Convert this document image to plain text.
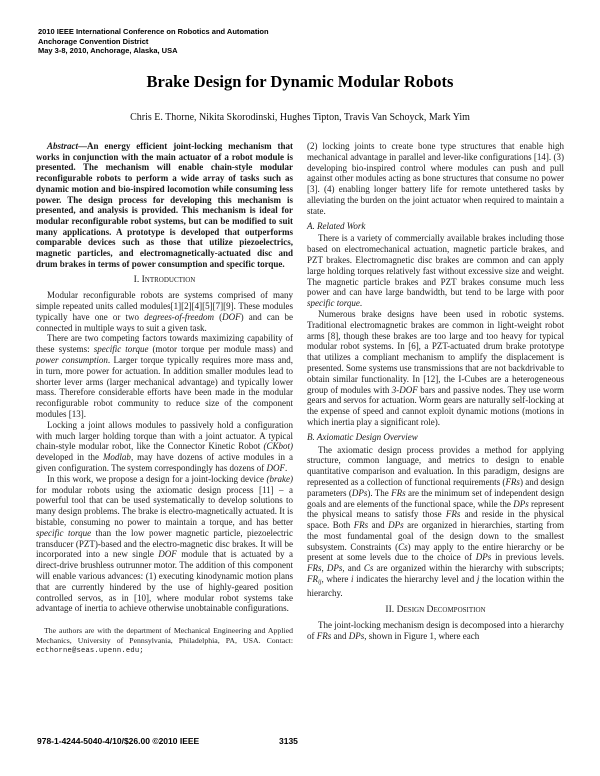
2010 IEEE International Conference on Robotics and Automation
Anchorage Convention District
May 3-8, 2010, Anchorage, Alaska, USA
Brake Design for Dynamic Modular Robots
Chris E. Thorne, Nikita Skorodinski, Hughes Tipton, Travis Van Schoyck, Mark Yim
Abstract—An energy efficient joint-locking mechanism that works in conjunction with the main actuator of a robot module is presented. The mechanism will enable chain-style modular reconfigurable robots to perform a wide array of tasks such as dynamic motion and bio-inspired locomotion while consuming less power. The design process for developing this mechanism is presented, and analysis is provided. This mechanism is ideal for modular reconfigurable robot systems, but can be modified to suit many applications. A prototype is developed that outperforms comparable devices such as those that utilize piezoelectrics, magnetic particles, and electromagnetically-actuated disc and drum brakes in terms of power consumption and specific torque.
I. Introduction
Modular reconfigurable robots are systems comprised of many simple repeated units called modules[1][2][4][5][7][9]. These modules typically have one or two degrees-of-freedom (DOF) and can be connected in multiple ways to suit a given task.
There are two competing factors towards maximizing capability of these systems: specific torque (motor torque per module mass) and power consumption. Larger torque typically requires more mass and, in turn, more power for actuation. In addition smaller modules lead to shorter lever arms (larger mechanical advantage) and typically lower mass. Therefore considerable efforts have been made in the modular reconfigurable robot community to reduce size of the component modules [13].
Locking a joint allows modules to passively hold a configuration with much larger holding torque than with a joint actuator. A typical chain-style modular robot, like the Connector Kinetic Robot (CKbot) developed in the Modlab, may have dozens of active modules in a given configuration. The system correspondingly has dozens of DOF.
In this work, we propose a design for a joint-locking device (brake) for modular robots using the axiomatic design process [11] – a powerful tool that can be used systematically to develop solutions to many design problems. The brake is electro-magnetically actuated. It is bistable, consuming no power to maintain a torque, and has better specific torque than the low power magnetic particle, piezoelectric transducer (PZT)-based and the electro-magnetic disc brakes. It will be incorporated into a new single DOF module that is actuated by a direct-drive brushless outrunner motor. The addition of this component will enable various advances: (1) executing kinodynamic motion plans that are currently hindered by the use of highly-geared position controlled servos, as in [10], where modular robot systems take advantage of inertia to achieve otherwise unobtainable configurations.
The authors are with the department of Mechanical Engineering and Applied Mechanics, University of Pennsylvania, Philadelphia, PA, USA. Contact: ecthorne@seas.upenn.edu;
(2) locking joints to create bone type structures that enable high mechanical advantage in parallel and lever-like configurations [14]. (3) developing bio-inspired control where modules can push and pull against other modules acting as bone structures that consume no power [3]. (4) enabling longer battery life for remote untethered tasks by alleviating the burden on the joint actuator when required to maintain a state.
A. Related Work
There is a variety of commercially available brakes including those based on electromechanical actuation, magnetic particle brakes, and PZT brakes. Electromagnetic disc brakes are common and can apply large holding torques relatively fast without excessive size and weight. The magnetic particle brakes and PZT brakes consume much less power and can have large bandwidth, but tend to be large with poor specific torque.
Numerous brake designs have been used in robotic systems. Traditional electromagnetic brakes are common in light-weight robot arms [8], though these brakes are too large and too heavy for typical modular robot systems. In [6], a PZT-actuated drum brake prototype that utilizes a compliant mechanism to amplify the displacement is presented. Some systems use transmissions that are not backdrivable to obtain similar functionality. In [12], the I-Cubes are a heterogeneous group of modules with 3-DOF bars and passive nodes. They use worm gears and servos for actuation. Worm gears are naturally self-locking at the expense of speed and cannot exploit dynamic motions (motions in which inertia play a significant role).
B. Axiomatic Design Overview
The axiomatic design process provides a method for applying structure, common language, and metrics to design to enable quantitative comparison and evaluation. In this paradigm, designs are represented as a collection of functional requirements (FRs) and design parameters (DPs). The FRs are the minimum set of independent design goals and are elements of the functional space, while the DPs represent the physical means to satisfy those FRs and reside in the physical space. Both FRs and DPs are organized in hierarchies, starting from the most fundamental goal of the design down to the smallest subsystem. Constraints (Cs) may apply to the entire hierarchy or be present at some levels due to the choice of DPs in previous levels. FRs, DPs, and Cs are organized within the hierarchy with subscripts; FRij, where i indicates the hierarchy level and j the location within the hierarchy.
II. Design Decomposition
The joint-locking mechanism design is decomposed into a hierarchy of FRs and DPs, shown in Figure 1, where each
978-1-4244-5040-4/10/$26.00 ©2010 IEEE	3135
